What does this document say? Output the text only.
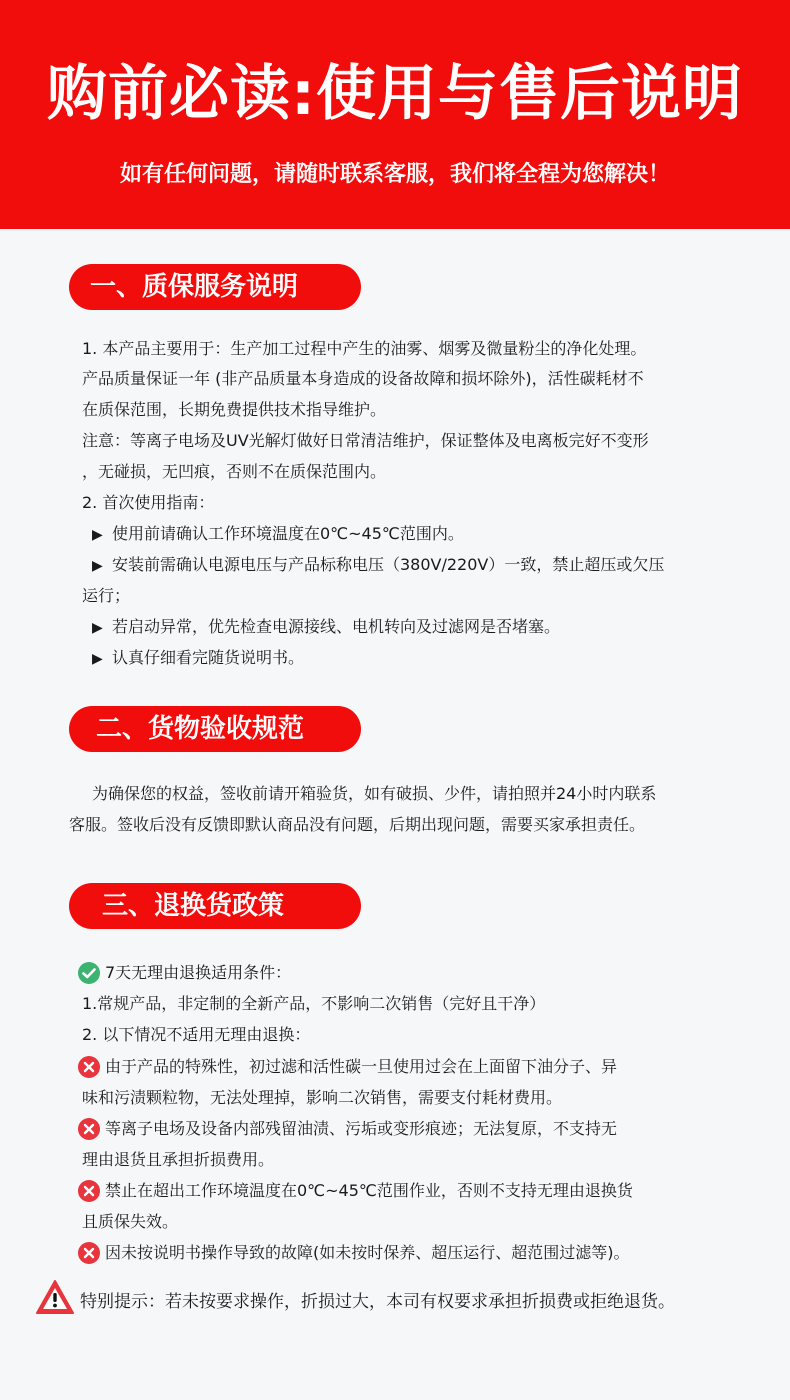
购前必读:使用与售后说明
如有任何问题，请随时联系客服，我们将全程为您解决！
一、质保服务说明
1. 本产品主要用于：生产加工过程中产生的油雾、烟雾及微量粉尘的净化处理。
产品质量保证一年 (非产品质量本身造成的设备故障和损坏除外)，活性碳耗材不
在质保范围，长期免费提供技术指导维护。
注意：等离子电场及UV光解灯做好日常清洁维护，保证整体及电离板完好不变形
，无碰损，无凹痕，否则不在质保范围内。
2. 首次使用指南：
▶ 使用前请确认工作环境温度在0℃~45℃范围内。
▶ 安装前需确认电源电压与产品标称电压（380V/220V）一致，禁止超压或欠压
运行；
▶ 若启动异常，优先检查电源接线、电机转向及过滤网是否堵塞。
▶ 认真仔细看完随货说明书。
二、货物验收规范
为确保您的权益，签收前请开箱验货，如有破损、少件，请拍照并24小时内联系
客服。签收后没有反馈即默认商品没有问题，后期出现问题，需要买家承担责任。
三、退换货政策
7天无理由退换适用条件：
1.常规产品，非定制的全新产品，不影响二次销售（完好且干净）
2. 以下情况不适用无理由退换：
由于产品的特殊性，初过滤和活性碳一旦使用过会在上面留下油分子、异
味和污渍颗粒物，无法处理掉，影响二次销售，需要支付耗材费用。
等离子电场及设备内部残留油渍、污垢或变形痕迹；无法复原，不支持无
理由退货且承担折损费用。
禁止在超出工作环境温度在0℃~45℃范围作业，否则不支持无理由退换货
且质保失效。
因未按说明书操作导致的故障(如未按时保养、超压运行、超范围过滤等)。
特别提示：若未按要求操作，折损过大，本司有权要求承担折损费或拒绝退货。
